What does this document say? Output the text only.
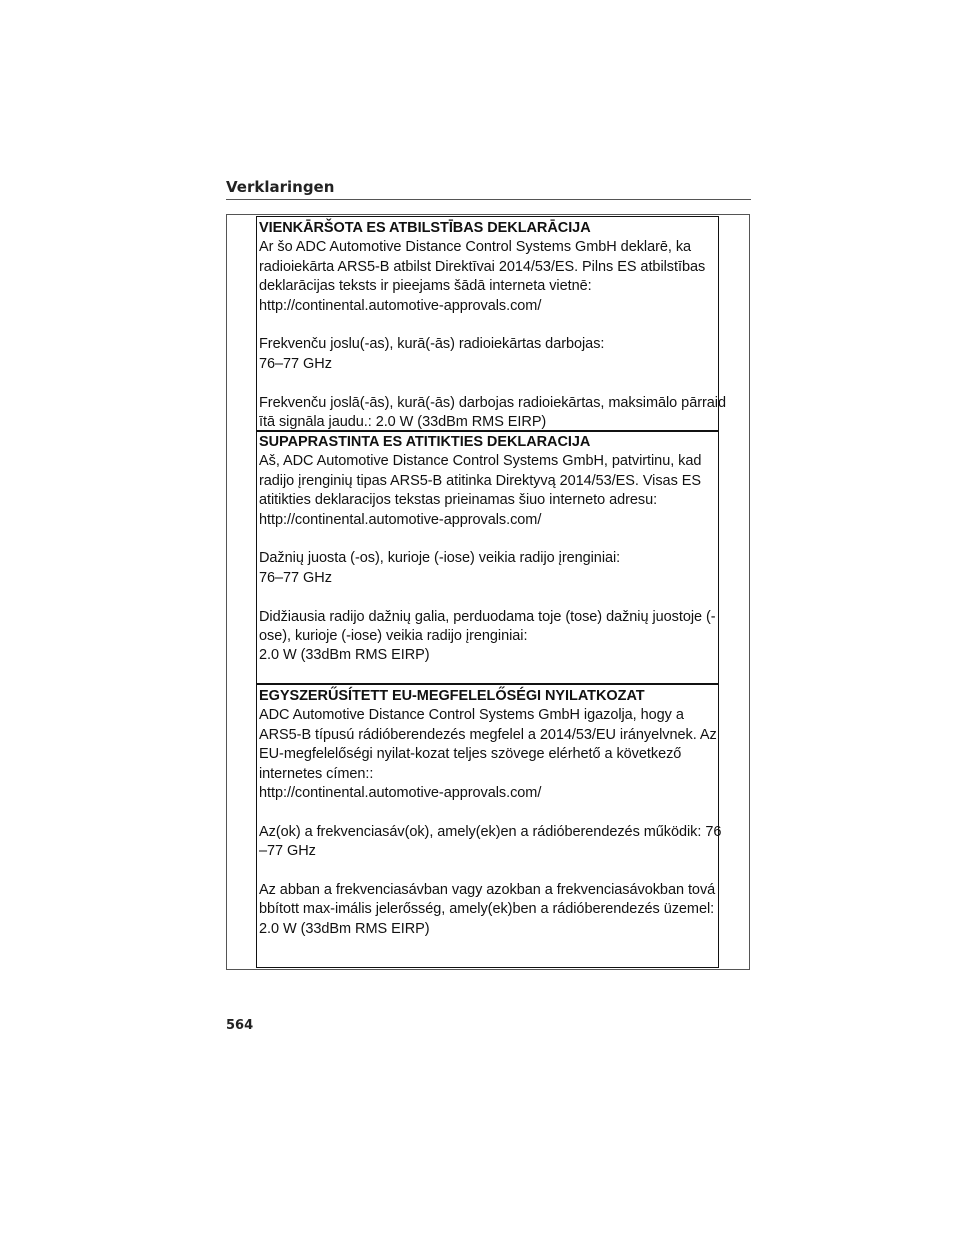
Verklaringen

VIENKĀRŠOTA ES ATBILSTĪBAS DEKLARĀCIJA

Ar šo ADC Automotive Distance Control Systems GmbH deklarē, ka
radioiekārta ARS5-B atbilst Direktīvai 2014/53/ES. Pilns ES atbilstības
deklarācijas teksts ir pieejams šādā interneta vietnē:
http://continental.automotive-approvals.com/

Frekvenču joslu(-as), kurā(-ās) radioiekārtas darbojas:
76–77 GHz

Frekvenču joslā(-ās), kurā(-ās) darbojas radioiekārtas, maksimālo pārraid
ītā signāla jaudu.: 2.0 W (33dBm RMS EIRP)

SUPAPRASTINTA ES ATITIKTIES DEKLARACIJA

Aš, ADC Automotive Distance Control Systems GmbH, patvirtinu, kad
radijo įrenginių tipas ARS5-B atitinka Direktyvą 2014/53/ES. Visas ES
atitikties deklaracijos tekstas prieinamas šiuo interneto adresu:
http://continental.automotive-approvals.com/

Dažnių juosta (-os), kurioje (-iose) veikia radijo įrenginiai:
76–77 GHz

Didžiausia radijo dažnių galia, perduodama toje (tose) dažnių juostoje (-
ose), kurioje (-iose) veikia radijo įrenginiai:
2.0 W (33dBm RMS EIRP)

EGYSZERŰSÍTETT EU-MEGFELELŐSÉGI NYILATKOZAT

ADC Automotive Distance Control Systems GmbH igazolja, hogy a
ARS5-B típusú rádióberendezés megfelel a 2014/53/EU irányelvnek. Az
EU-megfelelőségi nyilat-kozat teljes szövege elérhető a következő
internetes címen::
http://continental.automotive-approvals.com/

Az(ok) a frekvenciasáv(ok), amely(ek)en a rádióberendezés működik: 76
–77 GHz

Az abban a frekvenciasávban vagy azokban a frekvenciasávokban tová
bbított max-imális jelerősség, amely(ek)ben a rádióberendezés üzemel:
2.0 W (33dBm RMS EIRP)

564
